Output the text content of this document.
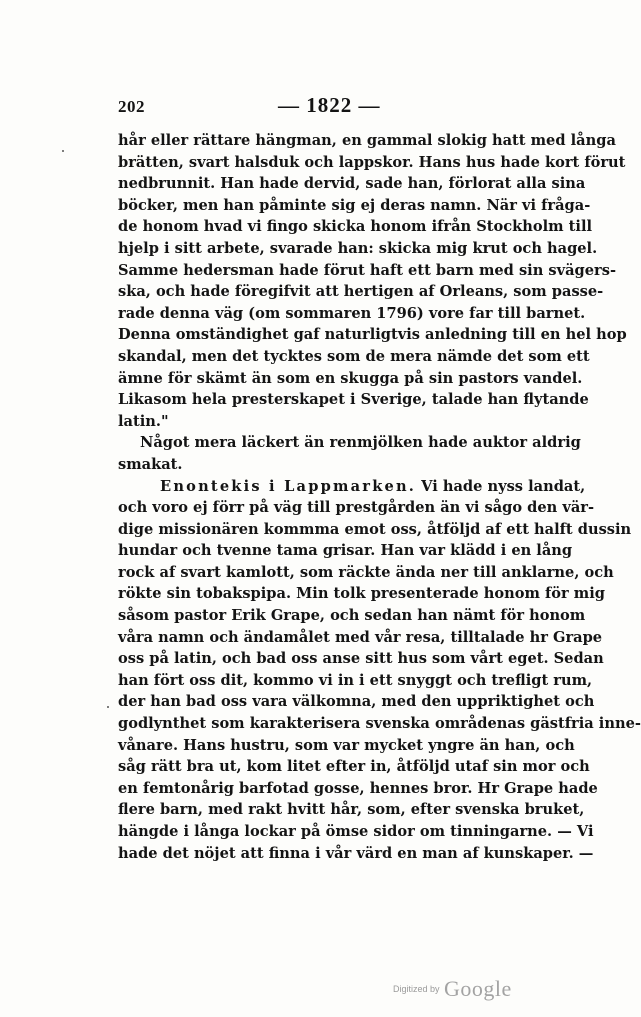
202	— 1822 —
hår eller rättare hängman, en gammal slokig hatt med långa
brätten, svart halsduk och lappskor. Hans hus hade kort förut
nedbrunnit. Han hade dervid, sade han, förlorat alla sina
böcker, men han påminte sig ej deras namn. När vi fråga-
de honom hvad vi fingo skicka honom ifrån Stockholm till
hjelp i sitt arbete, svarade han: skicka mig krut och hagel.
Samme hedersman hade förut haft ett barn med sin svägers-
ska, och hade föregifvit att hertigen af Orleans, som passe-
rade denna väg (om sommaren 1796) vore far till barnet.
Denna omständighet gaf naturligtvis anledning till en hel hop
skandal, men det tycktes som de mera nämde det som ett
ämne för skämt än som en skugga på sin pastors vandel.
Likasom hela presterskapet i Sverige, talade han flytande
latin."
Något mera läckert än renmjölken hade auktor aldrig
smakat.
Enontekis i Lappmarken. Vi hade nyss landat,
och voro ej förr på väg till prestgården än vi sågo den vär-
dige missionären kommma emot oss, åtföljd af ett halft dussin
hundar och tvenne tama grisar. Han var klädd i en lång
rock af svart kamlott, som räckte ända ner till anklarne, och
rökte sin tobakspipa. Min tolk presenterade honom för mig
såsom pastor Erik Grape, och sedan han nämt för honom
våra namn och ändamålet med vår resa, tilltalade hr Grape
oss på latin, och bad oss anse sitt hus som vårt eget. Sedan
han fört oss dit, kommo vi in i ett snyggt och trefligt rum,
der han bad oss vara välkomna, med den uppriktighet och
godlynthet som karakterisera svenska områdenas gästfria inne-
vånare. Hans hustru, som var mycket yngre än han, och
såg rätt bra ut, kom litet efter in, åtföljd utaf sin mor och
en femtonårig barfotad gosse, hennes bror. Hr Grape hade
flere barn, med rakt hvitt hår, som, efter svenska bruket,
hängde i långa lockar på ömse sidor om tinningarne. — Vi
hade det nöjet att finna i vår värd en man af kunskaper. —
Digitized by Google
